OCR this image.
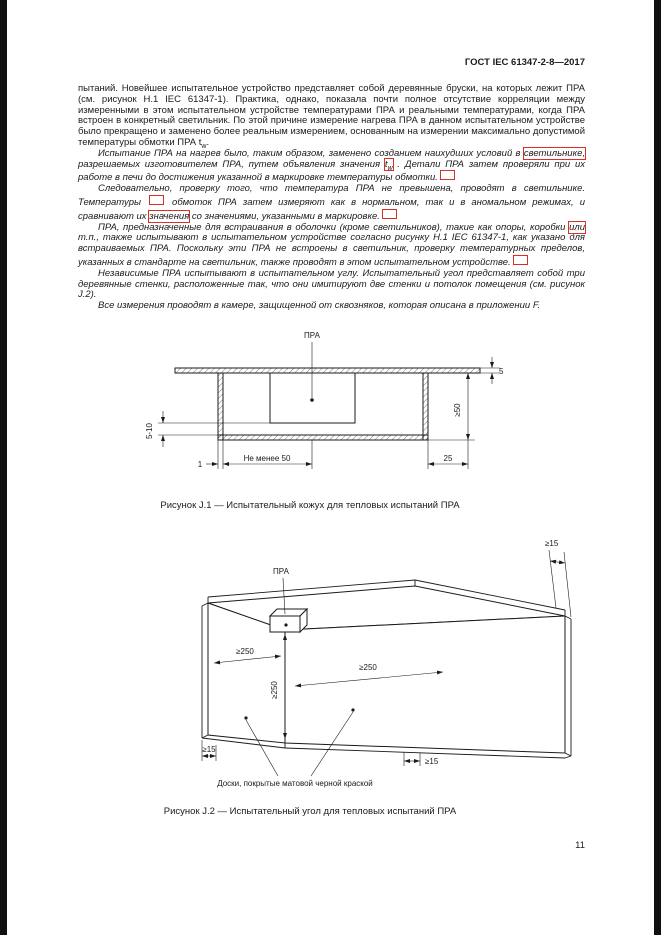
ГОСТ IEC 61347-2-8—2017

пытаний. Новейшее испытательное устройство представляет собой деревянные бруски, на которых лежит ПРА (см. рисунок H.1 IEC 61347-1). Практика, однако, показала почти полное отсутствие корреляции между измеренными в этом испытательном устройстве температурами ПРА и реальными температурами, когда ПРА встроен в конкретный светильник. По этой причине измерение нагрева ПРА в данном испытательном устройстве было прекращено и заменено более реальным измерением, основанным на измерении максимально допустимой температуры обмотки ПРА $t_w$.

Испытание ПРА на нагрев было, таким образом, заменено созданием наихудших условий в светильнике, разрешаемых изготовителем ПРА, путем объявления значения $t_w$ . Детали ПРА затем проверяли при их работе в печи до достижения указанной в маркировке температуры обмотки.

Следовательно, проверку того, что температура ПРА не превышена, проводят в светильнике. Температуры  обмоток ПРА затем измеряют как в нормальном, так и в аномальном режимах, и сравнивают их значения со значениями, указанными в маркировке.

ПРА, предназначенные для встраивания в оболочки (кроме светильников), такие как опоры, коробки или т.п., также испытывают в испытательном устройстве согласно рисунку H.1 IEC 61347-1, как указано для встраиваемых ПРА. Поскольку эти ПРА не встроены в светильник, проверку температурных пределов, указанных в стандарте на светильник, также проводят в этом испытательном устройстве.

Независимые ПРА испытывают в испытательном углу. Испытательный угол представляет собой три деревянные стенки, расположенные так, что они имитируют две стенки и потолок помещения (см. рисунок J.2).

Все измерения проводят в камере, защищенной от сквозняков, которая описана в приложении F.

ПРА
5
≥50
5-10
1
Не менее 50	25
Рисунок J.1 — Испытательный кожух для тепловых испытаний ПРА
ПРА
≥15
≥250
≥250
≥250
≥15
≥15
Доски, покрытые матовой черной краской
Рисунок J.2 — Испытательный угол для тепловых испытаний ПРА
11
